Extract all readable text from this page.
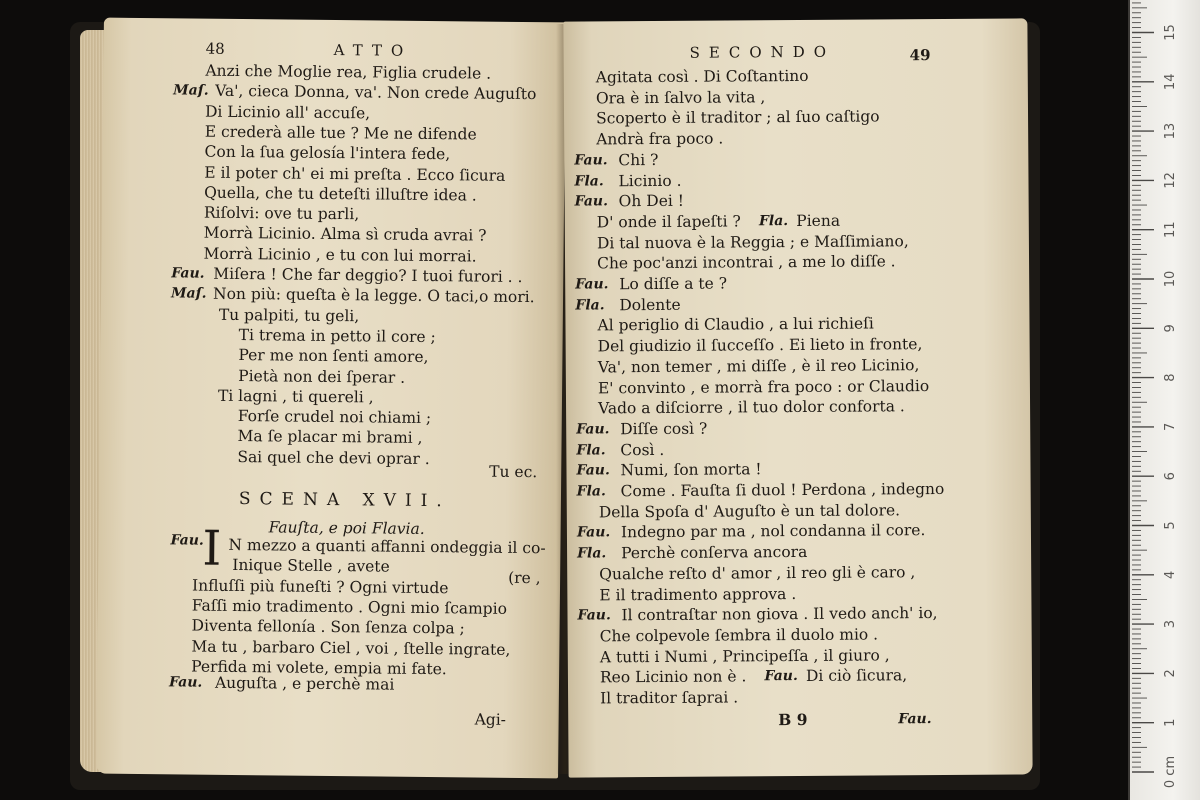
48	ATTO
Anzi che Moglie rea, Figlia crudele .
Maſ. Va', cieca Donna, va'. Non crede Auguſto
Di Licinio all' accuſe,
E crederà alle tue ? Me ne difende
Con la ſua gelosía l'intera fede,
E il poter ch' ei mi preſta . Ecco ſicura
Quella, che tu deteſti illuſtre idea .
Riſolvi: ove tu parli,
Morrà Licinio. Alma sì cruda avrai ?
Morrà Licinio , e tu con lui morrai.
Fau. Miſera ! Che far deggio? I tuoi furori . .
Maſ. Non più: queſta è la legge. O taci,o mori.
Tu palpiti, tu geli,
Ti trema in petto il core ;
Per me non ſenti amore,
Pietà non dei ſperar .
Ti lagni , ti quereli ,
Forſe crudel noi chiami ;
Ma ſe placar mi brami ,
Sai quel che devi oprar .
Tu ec.
SCENA XVII.
Fauſta, e poi Flavia.
Fau.
I N mezzo a quanti affanni ondeggia il co-
Inique Stelle , avete
Influſſi più funeſti ? Ogni virtude
Faſſi mio tradimento . Ogni mio ſcampio
Diventa fellonía . Son ſenza colpa ;
Ma tu , barbaro Ciel , voi , ſtelle ingrate,
Perfida mi volete, empia mi fate.
(re ,
Fau. Auguſta , e perchè mai
Agi-
SECONDO	49
Agitata così . Di Coſtantino
Ora è in ſalvo la vita ,
Scoperto è il traditor ; al ſuo caſtigo
Andrà fra poco .
Fau. Chi ?
Fla. Licinio .
Fau. Oh Dei !
D' onde il ſapeſti ? Fla. Piena
Di tal nuova è la Reggia ; e Maſſimiano,
Che poc'anzi incontrai , a me lo diſſe .
Fau. Lo diſſe a te ?
Fla. Dolente
Al periglio di Claudio , a lui richieſi
Del giudizio il ſucceſſo . Ei lieto in fronte,
Va', non temer , mi diſſe , è il reo Licinio,
E' convinto , e morrà fra poco : or Claudio
Vado a diſciorre , il tuo dolor conforta .
Fau. Diſſe così ?
Fla. Così .
Fau. Numi, ſon morta !
Fla. Come . Fauſta ſi duol ! Perdona , indegno
Della Spoſa d' Auguſto è un tal dolore.
Fau. Indegno par ma , nol condanna il core.
Fla. Perchè conſerva ancora
Qualche reſto d' amor , il reo gli è caro ,
E il tradimento approva .
Fau. Il contraſtar non giova . Il vedo anch' io,
Che colpevole ſembra il duolo mio .
A tutti i Numi , Principeſſa , il giuro ,
Reo Licinio non è . Fau. Di ciò ſicura,
Il traditor ſaprai .
B 9	Fau.
15
14
13
12
11
10
9
8
7
6
5
4
3
2
1
0 cm
